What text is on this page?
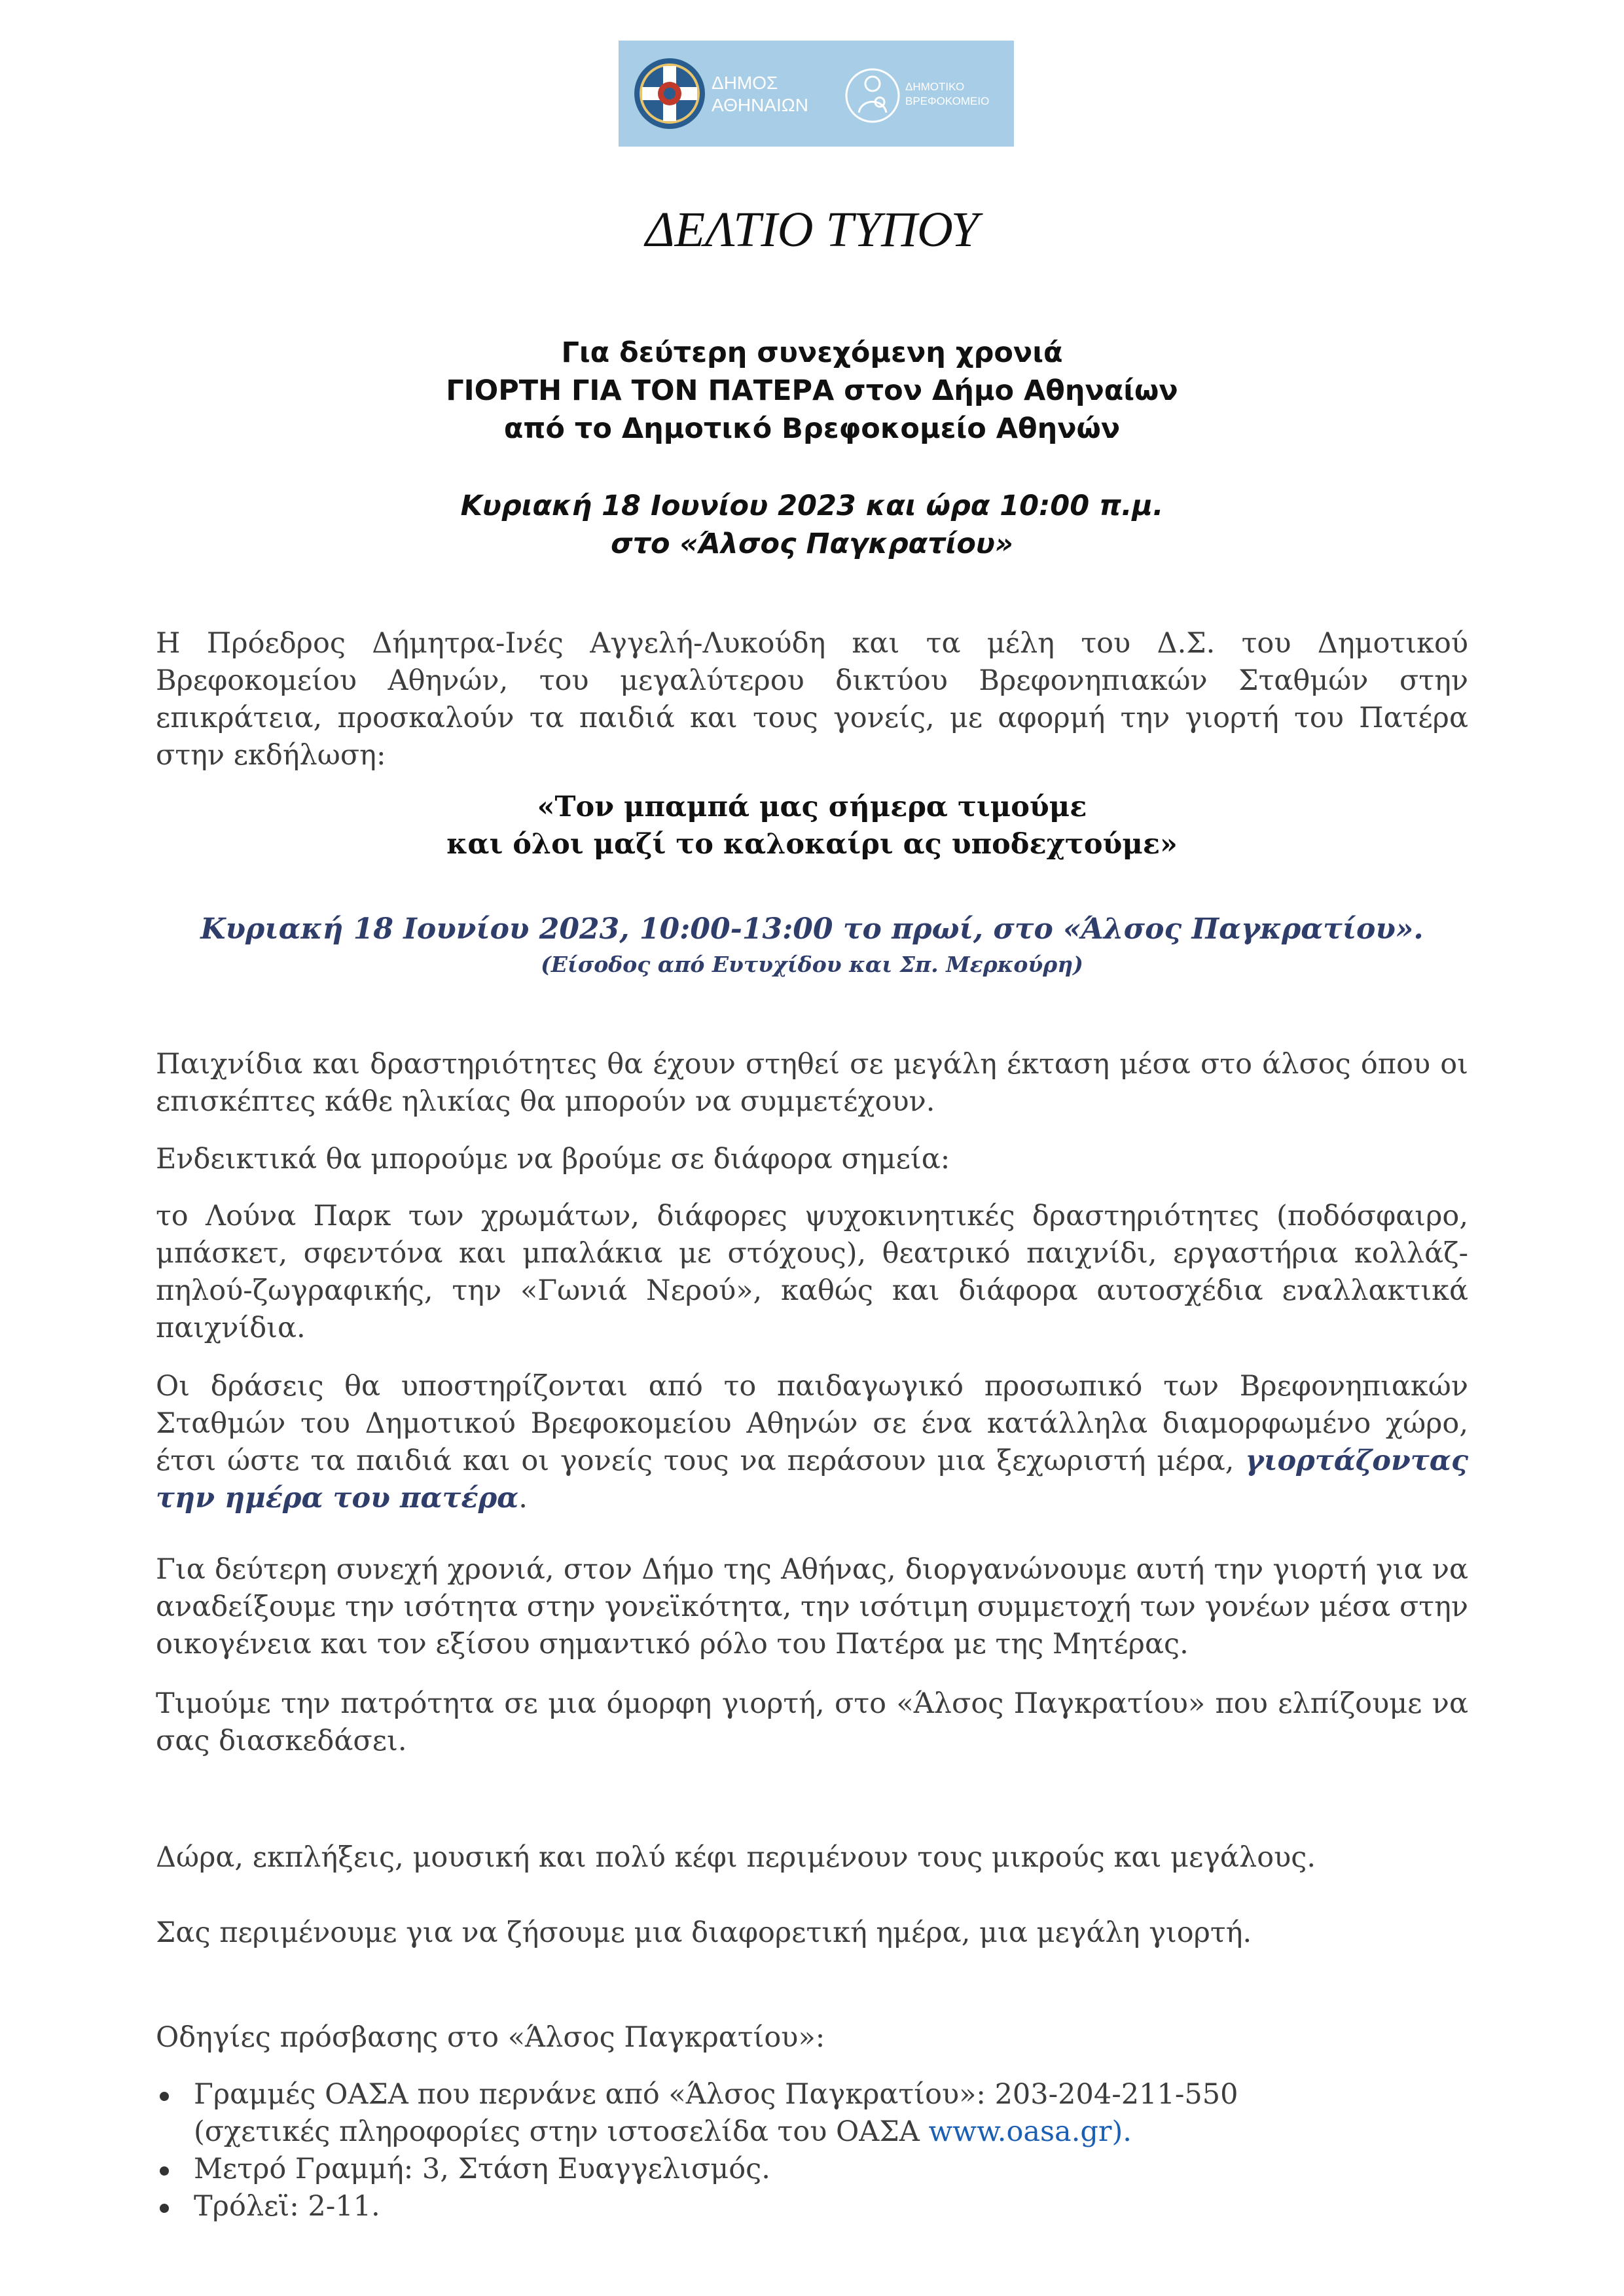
ΔΗΜΟΣ
ΑΘΗΝΑΙΩΝ
ΔΗΜΟΤΙΚΟ
ΒΡΕΦΟΚΟΜΕΙΟ
ΔΕΛΤΙΟ ΤΥΠΟΥ
Για δεύτερη συνεχόμενη χρονιά
ΓΙΟΡΤΗ ΓΙΑ ΤΟΝ ΠΑΤΕΡΑ στον Δήμο Αθηναίων
από το Δημοτικό Βρεφοκομείο Αθηνών
Κυριακή 18 Ιουνίου 2023 και ώρα 10:00 π.μ.
στο «Άλσος Παγκρατίου»

Η Πρόεδρος Δήμητρα-Ινές Αγγελή-Λυκούδη και τα μέλη του Δ.Σ. του Δημοτικού Βρεφοκομείου Αθηνών, του μεγαλύτερου δικτύου Βρεφονηπιακών Σταθμών στην επικράτεια, προσκαλούν τα παιδιά και τους γονείς, με αφορμή την γιορτή του Πατέρα στην εκδήλωση:

«Τον μπαμπά μας σήμερα τιμούμε
και όλοι μαζί το καλοκαίρι ας υποδεχτούμε»
Κυριακή 18 Ιουνίου 2023, 10:00-13:00 το πρωί, στο «Άλσος Παγκρατίου».
(Είσοδος από Ευτυχίδου και Σπ. Μερκούρη)

Παιχνίδια και δραστηριότητες θα έχουν στηθεί σε μεγάλη έκταση μέσα στο άλσος όπου οι επισκέπτες κάθε ηλικίας θα μπορούν να συμμετέχουν.

Ενδεικτικά θα μπορούμε να βρούμε σε διάφορα σημεία:

το Λούνα Παρκ των χρωμάτων, διάφορες ψυχοκινητικές δραστηριότητες (ποδόσφαιρο, μπάσκετ, σφεντόνα και μπαλάκια με στόχους), θεατρικό παιχνίδι, εργαστήρια κολλάζ-πηλού-ζωγραφικής, την «Γωνιά Νερού», καθώς και διάφορα αυτοσχέδια εναλλακτικά παιχνίδια.

Οι δράσεις θα υποστηρίζονται από το παιδαγωγικό προσωπικό των Βρεφονηπιακών Σταθμών του Δημοτικού Βρεφοκομείου Αθηνών σε ένα κατάλληλα διαμορφωμένο χώρο, έτσι ώστε τα παιδιά και οι γονείς τους να περάσουν μια ξεχωριστή μέρα, γιορτάζοντας την ημέρα του πατέρα.

Για δεύτερη συνεχή χρονιά, στον Δήμο της Αθήνας, διοργανώνουμε αυτή την γιορτή για να αναδείξουμε την ισότητα στην γονεϊκότητα, την ισότιμη συμμετοχή των γονέων μέσα στην οικογένεια και τον εξίσου σημαντικό ρόλο του Πατέρα με της Μητέρας.

Τιμούμε την πατρότητα σε μια όμορφη γιορτή, στο «Άλσος Παγκρατίου» που ελπίζουμε να σας διασκεδάσει.

Δώρα, εκπλήξεις, μουσική και πολύ κέφι περιμένουν τους μικρούς και μεγάλους.

Σας περιμένουμε για να ζήσουμε μια διαφορετική ημέρα, μια μεγάλη γιορτή.

Οδηγίες πρόσβασης στο «Άλσος Παγκρατίου»:

Γραμμές ΟΑΣΑ που περνάνε από «Άλσος Παγκρατίου»: 203-204-211-550
(σχετικές πληροφορίες στην ιστοσελίδα του ΟΑΣΑ www.oasa.gr).
Μετρό Γραμμή: 3, Στάση Ευαγγελισμός.
Τρόλεϊ: 2-11.
